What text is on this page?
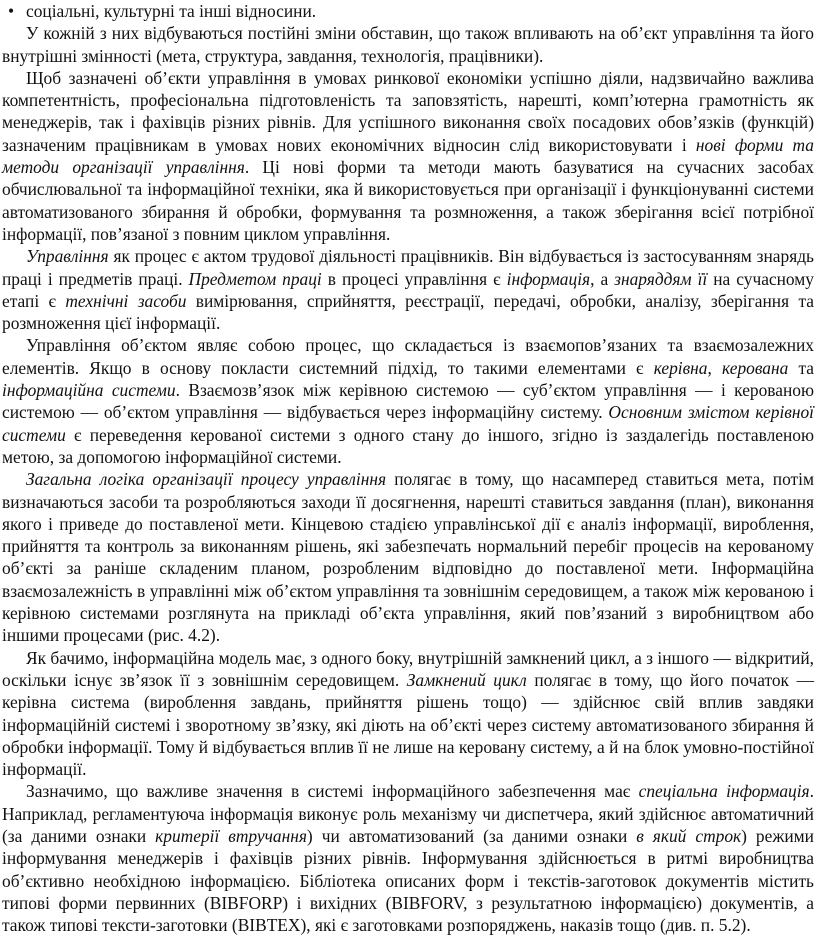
• соціальні, культурні та інші відносини.

У кожній з них відбуваються постійні зміни обставин, що також впливають на об’єкт управління та його внутрішні змінності (мета, структура, завдання, технологія, працівники).

Щоб зазначені об’єкти управління в умовах ринкової економіки успішно діяли, надзвичайно важлива компетентність, професіональна підготовленість та заповзятість, нарешті, комп’ютерна грамотність як менеджерів, так і фахівців різних рівнів. Для успішного виконання своїх посадових обов’язків (функцій) зазначеним працівникам в умовах нових економічних відносин слід використовувати і нові форми та методи організації управління. Ці нові форми та методи мають базуватися на сучасних засобах обчислювальної та інформаційної техніки, яка й використовується при організації і функціонуванні системи автоматизованого збирання й обробки, формування та розмноження, а також зберігання всієї потрібної інформації, пов’язаної з повним циклом управління.

Управління як процес є актом трудової діяльності працівників. Він відбувається із застосуванням знарядь праці і предметів праці. Предметом праці в процесі управління є інформація, а знаряддям її на сучасному етапі є технічні засоби вимірювання, сприйняття, реєстрації, передачі, обробки, аналізу, зберігання та розмноження цієї інформації.

Управління об’єктом являє собою процес, що складається із взаємопов’язаних та взаємозалежних елементів. Якщо в основу покласти системний підхід, то такими елементами є керівна, керована та інформаційна системи. Взаємозв’язок між керівною системою — суб’єктом управління — і керованою системою — об’єктом управління — відбувається через інформаційну систему. Основним змістом керівної системи є переведення керованої системи з одного стану до іншого, згідно із заздалегідь поставленою метою, за допомогою інформаційної системи.

Загальна логіка організації процесу управління полягає в тому, що насамперед ставиться мета, потім визначаються засоби та розробляються заходи її досягнення, нарешті ставиться завдання (план), виконання якого і приведе до поставленої мети. Кінцевою стадією управлінської дії є аналіз інформації, вироблення, прийняття та контроль за виконанням рішень, які забезпечать нормальний перебіг процесів на керованому об’єкті за раніше складеним планом, розробленим відповідно до поставленої мети. Інформаційна взаємозалежність в управлінні між об’єктом управління та зовнішнім середовищем, а також між керованою і керівною системами розглянута на прикладі об’єкта управління, який пов’язаний з виробництвом або іншими процесами (рис. 4.2).

Як бачимо, інформаційна модель має, з одного боку, внутрішній замкнений цикл, а з іншого — відкритий, оскільки існує зв’язок її з зовнішнім середовищем. Замкнений цикл полягає в тому, що його початок — керівна система (вироблення завдань, прийняття рішень тощо) — здійснює свій вплив завдяки інформаційній системі і зворотному зв’язку, які діють на об’єкті через систему автоматизованого збирання й обробки інформації. Тому й відбувається вплив її не лише на керовану систему, а й на блок умовно-постійної інформації.

Зазначимо, що важливе значення в системі інформаційного забезпечення має спеціальна інформація. Наприклад, регламентуюча інформація виконує роль механізму чи диспетчера, який здійснює автоматичний (за даними ознаки критерії втручання) чи автоматизований (за даними ознаки в який строк) режими інформування менеджерів і фахівців різних рівнів. Інформування здійснюється в ритмі виробництва об’єктивно необхідною інформацією. Бібліотека описаних форм і текстів-заготовок документів містить типові форми первинних (BIBFORP) і вихідних (BIBFORV, з результатною інформацією) документів, а також типові тексти-заготовки (BIBTEX), які є заготовками розпоряджень, наказів тощо (див. п. 5.2).
